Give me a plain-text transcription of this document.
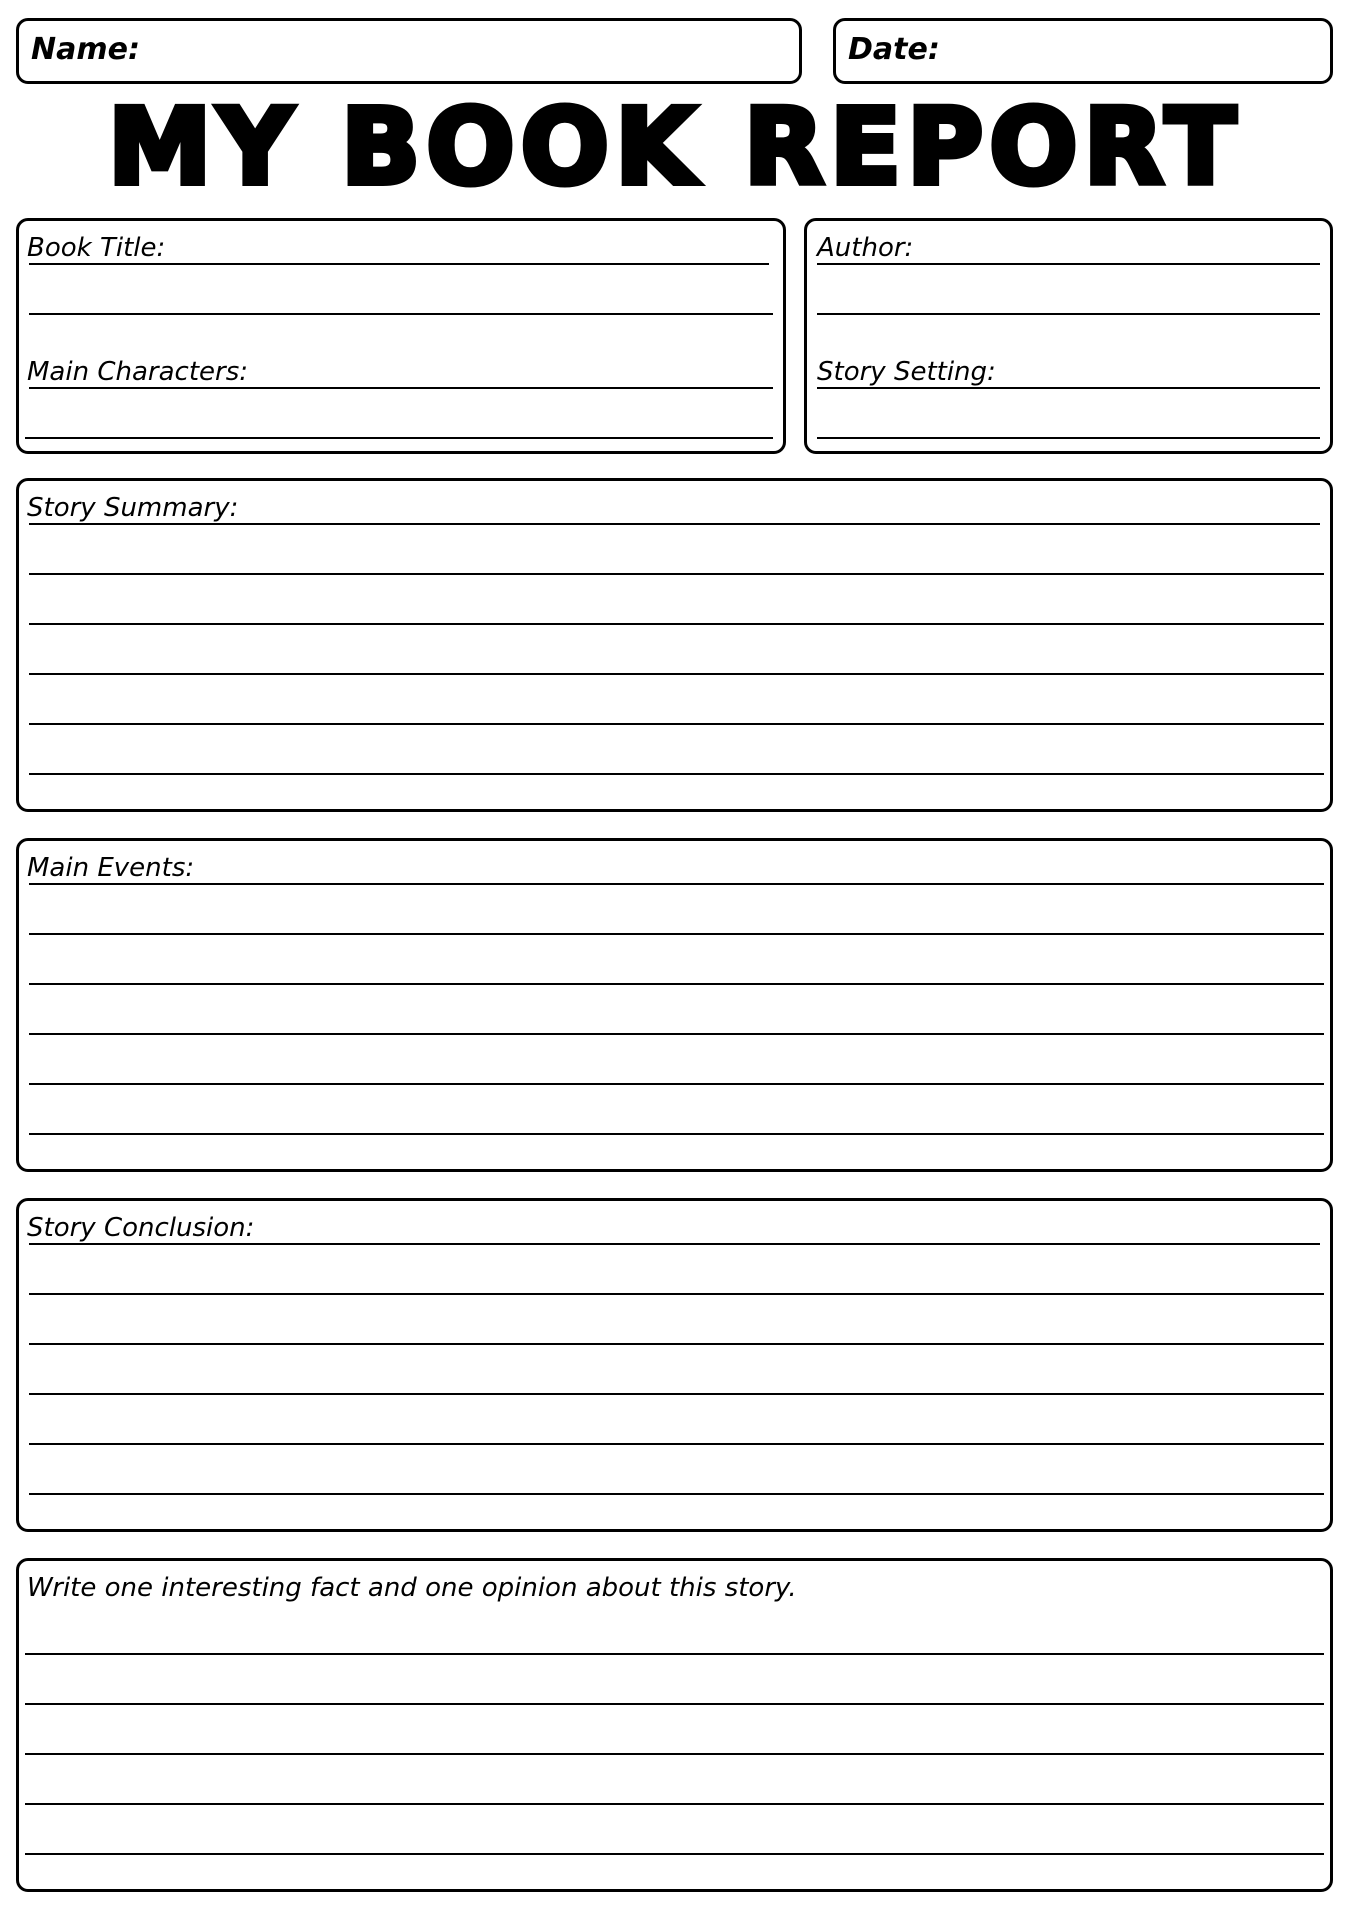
Name:	Date:
MY BOOK REPORT
Book Title:
Main Characters:
Author:
Story Setting:
Story Summary:
Main Events:
Story Conclusion:
Write one interesting fact and one opinion about this story.
